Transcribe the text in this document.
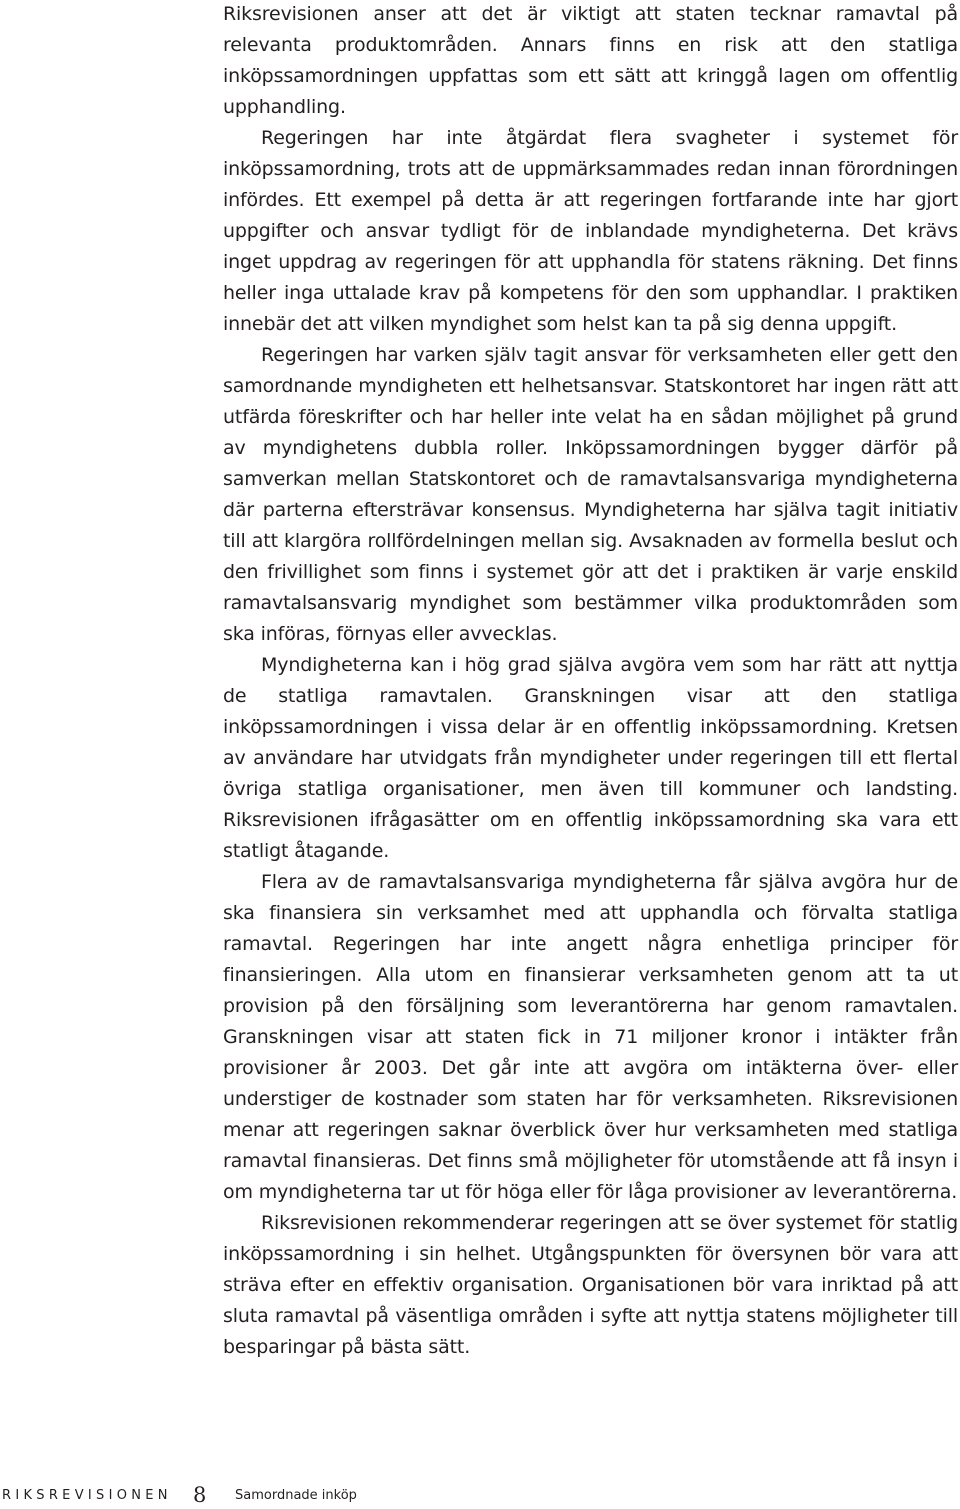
Riksrevisionen anser att det är viktigt att staten tecknar ramavtal på relevanta produktområden. Annars finns en risk att den statliga inköpssamordningen uppfattas som ett sätt att kringgå lagen om offentlig upphandling.

Regeringen har inte åtgärdat flera svagheter i systemet för inköpssamordning, trots att de uppmärksammades redan innan förordningen infördes. Ett exempel på detta är att regeringen fortfarande inte har gjort uppgifter och ansvar tydligt för de inblandade myndigheterna. Det krävs inget uppdrag av regeringen för att upphandla för statens räkning. Det finns heller inga uttalade krav på kompetens för den som upphandlar. I praktiken innebär det att vilken myndighet som helst kan ta på sig denna uppgift.

Regeringen har varken själv tagit ansvar för verksamheten eller gett den samordnande myndigheten ett helhetsansvar. Statskontoret har ingen rätt att utfärda föreskrifter och har heller inte velat ha en sådan möjlighet på grund av myndighetens dubbla roller. Inköpssamordningen bygger därför på samverkan mellan Statskontoret och de ramavtalsansvariga myndigheterna där parterna eftersträvar konsensus. Myndigheterna har själva tagit initiativ till att klargöra rollfördelningen mellan sig. Avsaknaden av formella beslut och den frivillighet som finns i systemet gör att det i praktiken är varje enskild ramavtalsansvarig myndighet som bestämmer vilka produktområden som ska införas, förnyas eller avvecklas.

Myndigheterna kan i hög grad själva avgöra vem som har rätt att nyttja de statliga ramavtalen. Granskningen visar att den statliga inköpssamordningen i vissa delar är en offentlig inköpssamordning. Kretsen av användare har utvidgats från myndigheter under regeringen till ett flertal övriga statliga organisationer, men även till kommuner och landsting. Riksrevisionen ifrågasätter om en offentlig inköpssamordning ska vara ett statligt åtagande.

Flera av de ramavtalsansvariga myndigheterna får själva avgöra hur de ska finansiera sin verksamhet med att upphandla och förvalta statliga ramavtal. Regeringen har inte angett några enhetliga principer för finansieringen. Alla utom en finansierar verksamheten genom att ta ut provision på den försäljning som leverantörerna har genom ramavtalen. Granskningen visar att staten fick in 71 miljoner kronor i intäkter från provisioner år 2003. Det går inte att avgöra om intäkterna över- eller understiger de kostnader som staten har för verksamheten. Riksrevisionen menar att regeringen saknar överblick över hur verksamheten med statliga ramavtal finansieras. Det finns små möjligheter för utomstående att få insyn i om myndigheterna tar ut för höga eller för låga provisioner av leverantörerna.

Riksrevisionen rekommenderar regeringen att se över systemet för statlig inköpssamordning i sin helhet. Utgångspunkten för översynen bör vara att sträva efter en effektiv organisation. Organisationen bör vara inriktad på att sluta ramavtal på väsentliga områden i syfte att nyttja statens möjligheter till besparingar på bästa sätt.

RIKSREVISIONEN 8 Samordnade inköp
